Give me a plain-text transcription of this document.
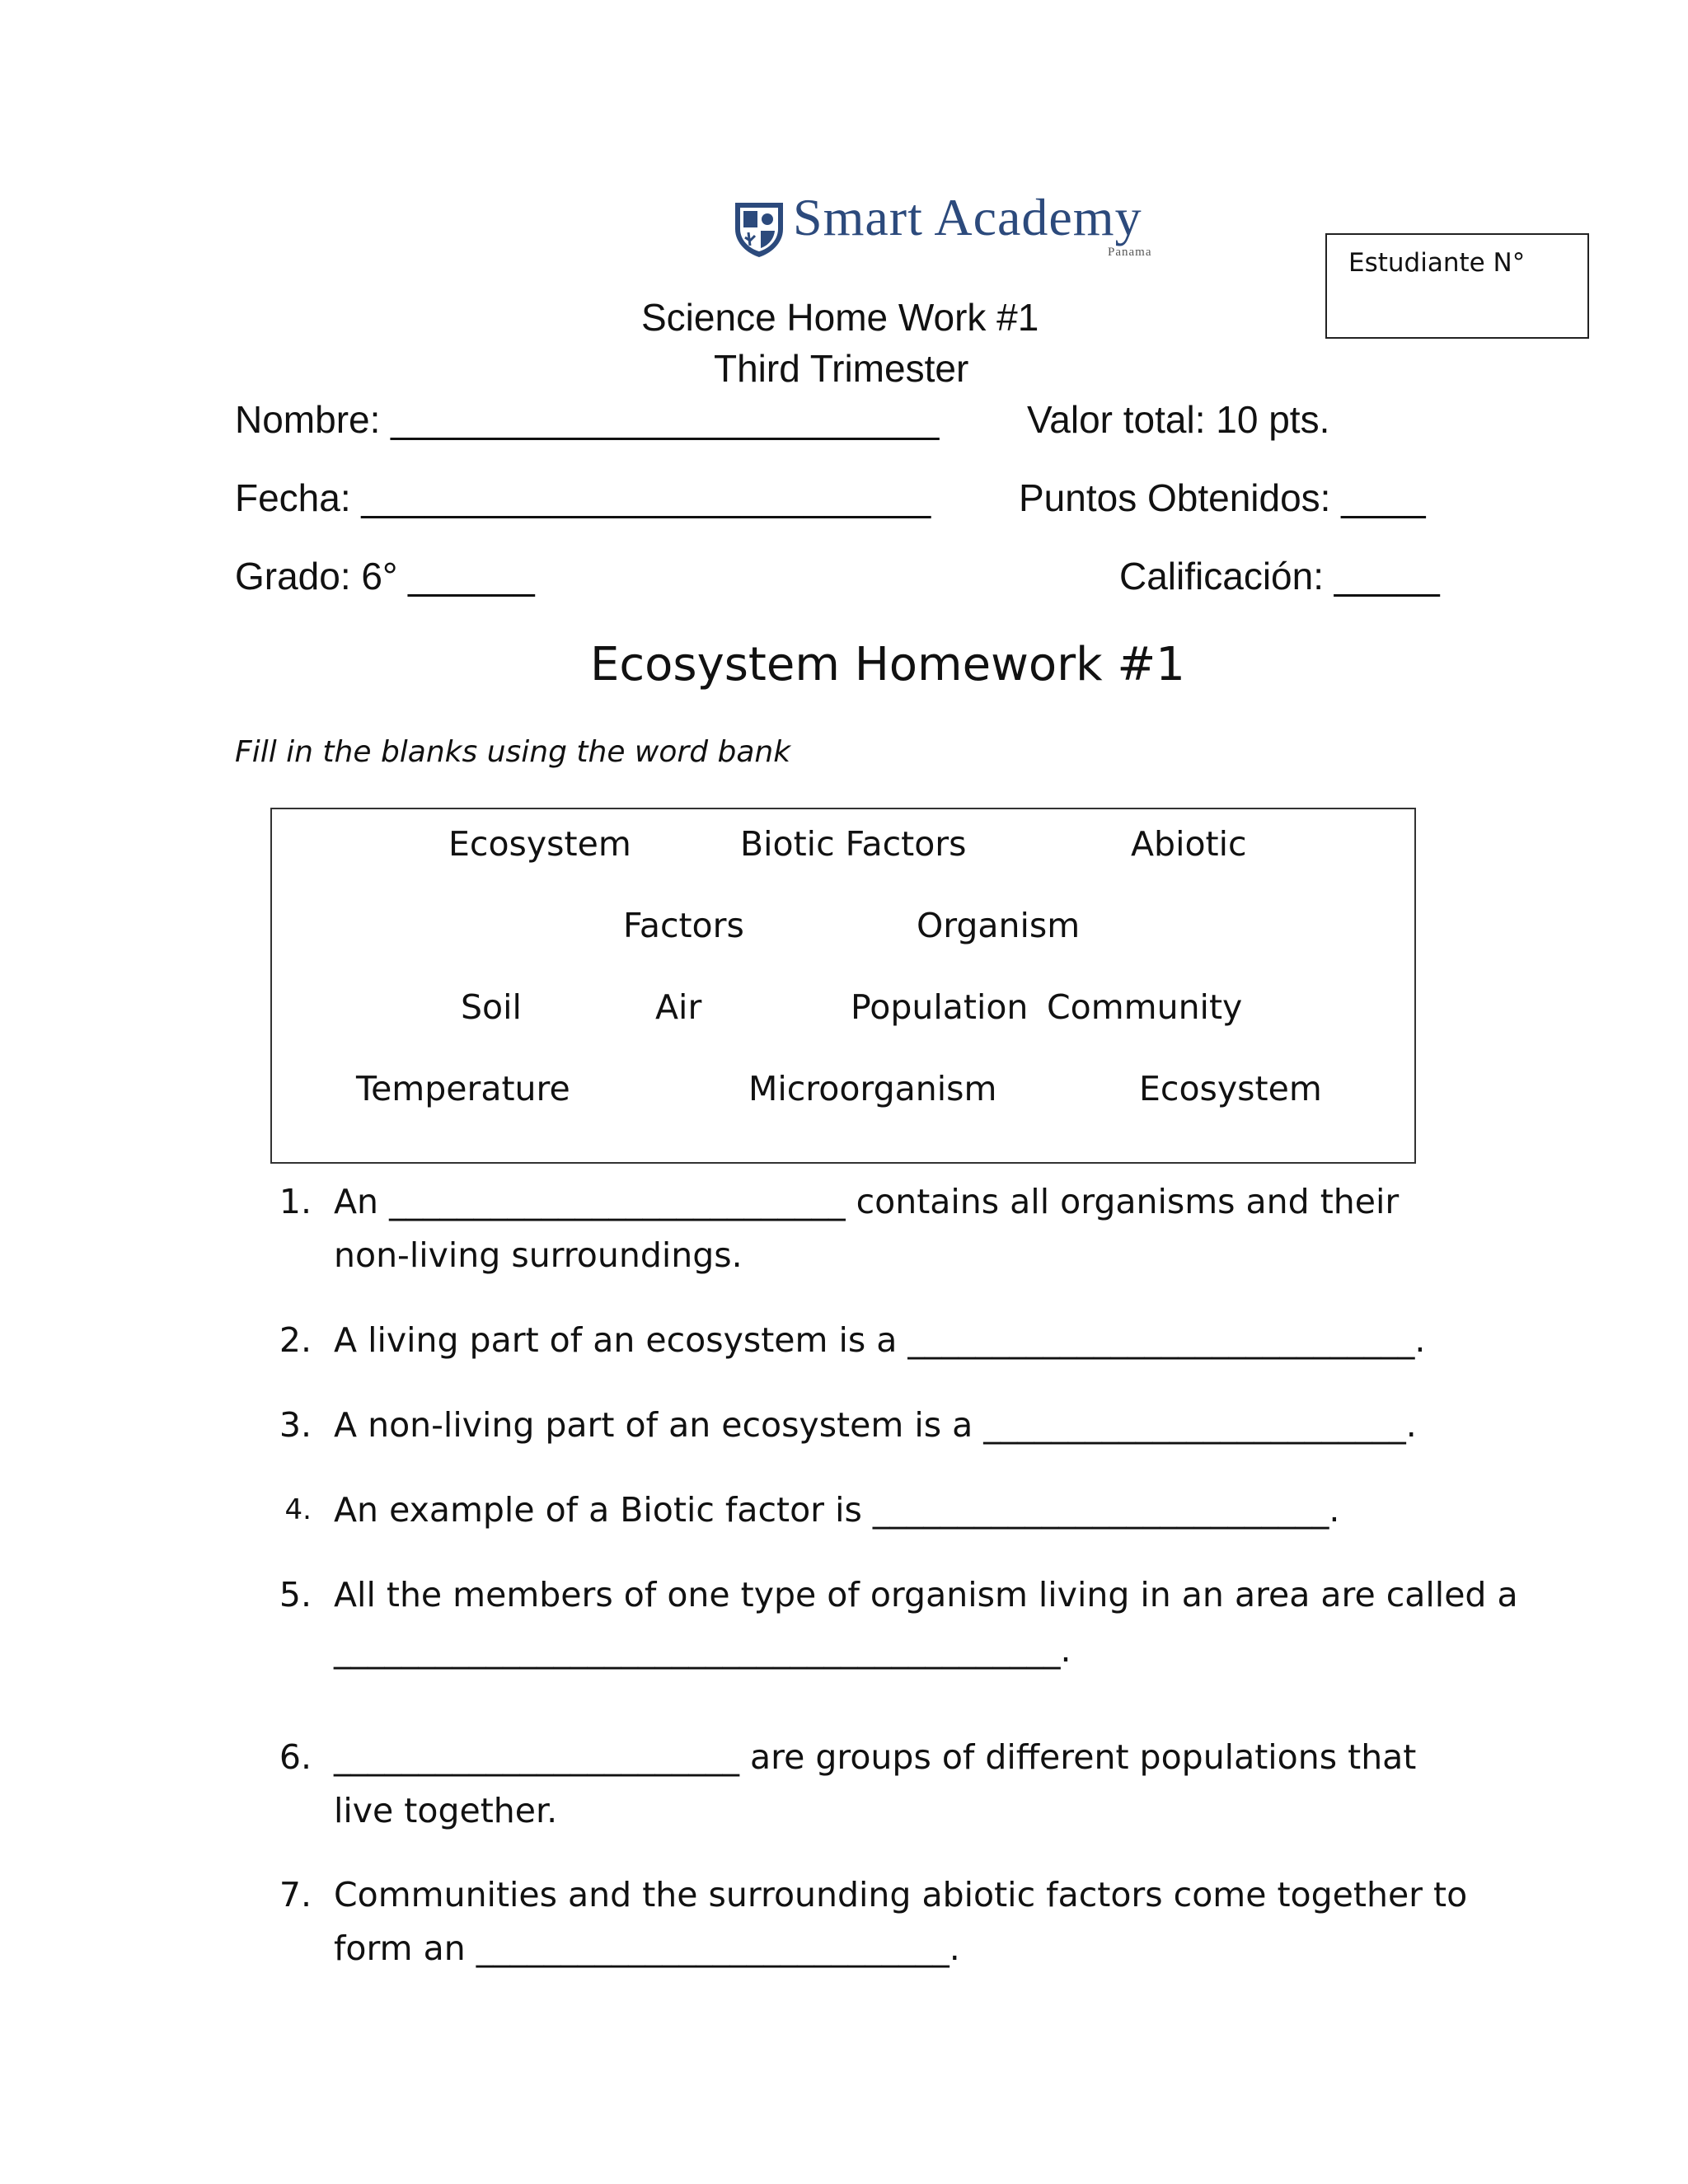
Smart Academy
Panama	Estudiante N°
Science Home Work #1
Third Trimester
Nombre: __________________________ Valor total: 10 pts.
Fecha: ___________________________ Puntos Obtenidos: ____
Grado: 6° ______	Calificación: _____
Ecosystem Homework #1
Fill in the blanks using the word bank
Ecosystem	Biotic Factors	Abiotic
Factors	Organism
Soil	Air	Population Community
Temperature	Microorganism	Ecosystem
1. An ___________________________ contains all organisms and their
non-living surroundings.
2. A living part of an ecosystem is a ______________________________.
3. A non-living part of an ecosystem is a _________________________.
4. An example of a Biotic factor is ___________________________.
5. All the members of one type of organism living in an area are called a
___________________________________________.
6. ________________________ are groups of different populations that
live together.
7. Communities and the surrounding abiotic factors come together to
form an ____________________________.
